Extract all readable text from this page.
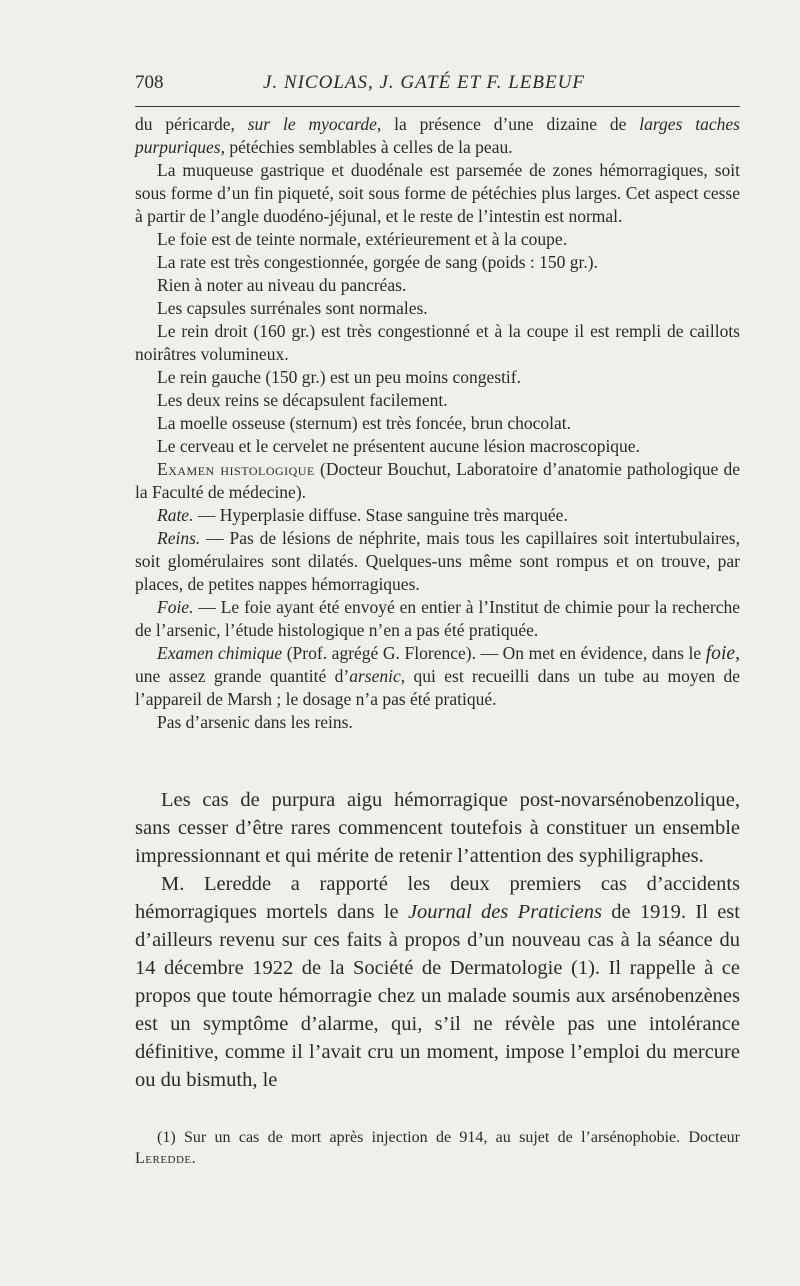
708	J. NICOLAS, J. GATÉ ET F. LEBEUF

du péricarde, sur le myocarde, la présence d’une dizaine de larges taches purpuriques, pétéchies semblables à celles de la peau.

La muqueuse gastrique et duodénale est parsemée de zones hémorragiques, soit sous forme d’un fin piqueté, soit sous forme de pétéchies plus larges. Cet aspect cesse à partir de l’angle duodéno-jéjunal, et le reste de l’intestin est normal.

Le foie est de teinte normale, extérieurement et à la coupe.

La rate est très congestionnée, gorgée de sang (poids : 150 gr.).

Rien à noter au niveau du pancréas.

Les capsules surrénales sont normales.

Le rein droit (160 gr.) est très congestionné et à la coupe il est rempli de caillots noirâtres volumineux.

Le rein gauche (150 gr.) est un peu moins congestif.

Les deux reins se décapsulent facilement.

La moelle osseuse (sternum) est très foncée, brun chocolat.

Le cerveau et le cervelet ne présentent aucune lésion macroscopique.

Examen histologique (Docteur Bouchut, Laboratoire d’anatomie pathologique de la Faculté de médecine).

Rate. — Hyperplasie diffuse. Stase sanguine très marquée.

Reins. — Pas de lésions de néphrite, mais tous les capillaires soit intertubulaires, soit glomérulaires sont dilatés. Quelques-uns même sont rompus et on trouve, par places, de petites nappes hémorragiques.

Foie. — Le foie ayant été envoyé en entier à l’Institut de chimie pour la recherche de l’arsenic, l’étude histologique n’en a pas été pratiquée.

Examen chimique (Prof. agrégé G. Florence). — On met en évidence, dans le foie, une assez grande quantité d’arsenic, qui est recueilli dans un tube au moyen de l’appareil de Marsh ; le dosage n’a pas été pratiqué.

Pas d’arsenic dans les reins.

Les cas de purpura aigu hémorragique post-novarsénobenzolique, sans cesser d’être rares commencent toutefois à constituer un ensemble impressionnant et qui mérite de retenir l’attention des syphiligraphes.

M. Leredde a rapporté les deux premiers cas d’accidents hémorragiques mortels dans le Journal des Praticiens de 1919. Il est d’ailleurs revenu sur ces faits à propos d’un nouveau cas à la séance du 14 décembre 1922 de la Société de Dermatologie (1). Il rappelle à ce propos que toute hémorragie chez un malade soumis aux arsénobenzènes est un symptôme d’alarme, qui, s’il ne révèle pas une intolérance définitive, comme il l’avait cru un moment, impose l’emploi du mercure ou du bismuth, le

(1) Sur un cas de mort après injection de 914, au sujet de l’arsénophobie. Docteur Leredde.
